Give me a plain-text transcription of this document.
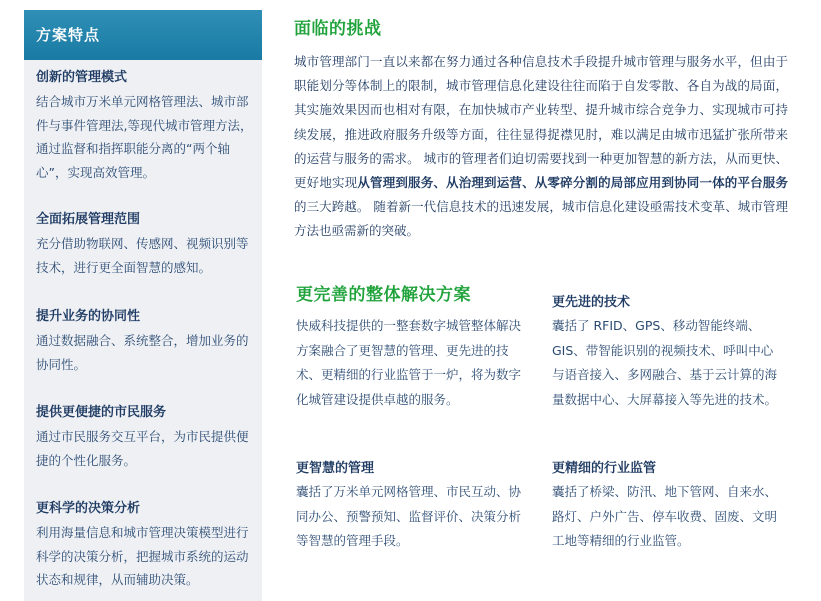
方案特点
创新的管理模式
结合城市万米单元网格管理法、城市部件与事件管理法,等现代城市管理方法，通过监督和指挥职能分离的“两个轴心”，实现高效管理。
全面拓展管理范围
充分借助物联网、传感网、视频识别等技术，进行更全面智慧的感知。
提升业务的协同性
通过数据融合、系统整合，增加业务的协同性。
提供更便捷的市民服务
通过市民服务交互平台，为市民提供便捷的个性化服务。
更科学的决策分析
利用海量信息和城市管理决策模型进行科学的决策分析，把握城市系统的运动状态和规律，从而辅助决策。
面临的挑战
城市管理部门一直以来都在努力通过各种信息技术手段提升城市管理与服务水平，但由于职能划分等体制上的限制，城市管理信息化建设往往而陷于自发零散、各自为战的局面，其实施效果因而也相对有限，在加快城市产业转型、提升城市综合竞争力、实现城市可持续发展，推进政府服务升级等方面，往往显得捉襟见肘，难以满足由城市迅猛扩张所带来的运营与服务的需求。 城市的管理者们迫切需要找到一种更加智慧的新方法，从而更快、更好地实现从管理到服务、从治理到运营、从零碎分割的局部应用到协同一体的平台服务的三大跨越。 随着新一代信息技术的迅速发展，城市信息化建设亟需技术变革、城市管理方法也亟需新的突破。
更完善的整体解决方案
快威科技提供的一整套数字城管整体解决方案融合了更智慧的管理、更先进的技术、更精细的行业监管于一炉，将为数字化城管建设提供卓越的服务。
更先进的技术
囊括了 RFID、GPS、移动智能终端、GIS、带智能识别的视频技术、呼叫中心与语音接入、多网融合、基于云计算的海量数据中心、大屏幕接入等先进的技术。
更智慧的管理
囊括了万米单元网格管理、市民互动、协同办公、预警预知、监督评价、决策分析等智慧的管理手段。
更精细的行业监管
囊括了桥梁、防汛、地下管网、自来水、路灯、户外广告、停车收费、固废、文明工地等精细的行业监管。
